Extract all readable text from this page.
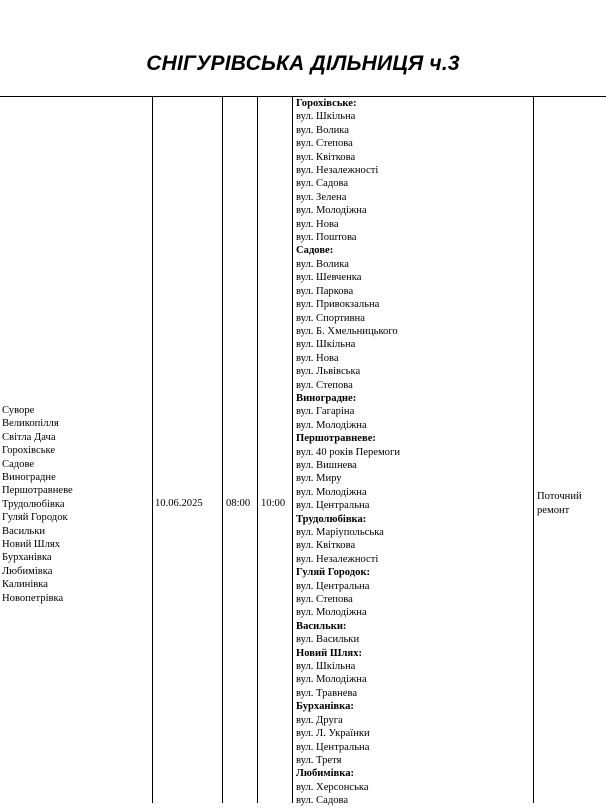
СНІГУРІВСЬКА ДІЛЬНИЦЯ ч.3
Суворе
Великопілля
Світла Дача
Горохівське
Садове
Виноградне
Першотравневе
Трудолюбівка
Гуляй Городок
Васильки
Новий Шлях
Бурханівка
Любимівка
Калинівка
Новопетрівка
10.06.2025	08:00	10:00
Горохівське:
вул. Шкільна
вул. Волика
вул. Степова
вул. Квіткова
вул. Незалежності
вул. Садова
вул. Зелена
вул. Молодіжна
вул. Нова
вул. Поштова
Садове:
вул. Волика
вул. Шевченка
вул. Паркова
вул. Привокзальна
вул. Спортивна
вул. Б. Хмельницького
вул. Шкільна
вул. Нова
вул. Львівська
вул. Степова
Виноградне:
вул. Гагаріна
вул. Молодіжна
Першотравневе:
вул. 40 років Перемоги
вул. Вишнева
вул. Миру
вул. Молодіжна
вул. Центральна
Трудолюбівка:
вул. Маріупольська
вул. Квіткова
вул. Незалежності
Гуляй Городок:
вул. Центральна
вул. Степова
вул. Молодіжна
Васильки:
вул. Васильки
Новий Шлях:
вул. Шкільна
вул. Молодіжна
вул. Травнева
Бурханівка:
вул. Друга
вул. Л. Українки
вул. Центральна
вул. Третя
Любимівка:
вул. Херсонська
вул. Садова
Поточний ремонт
